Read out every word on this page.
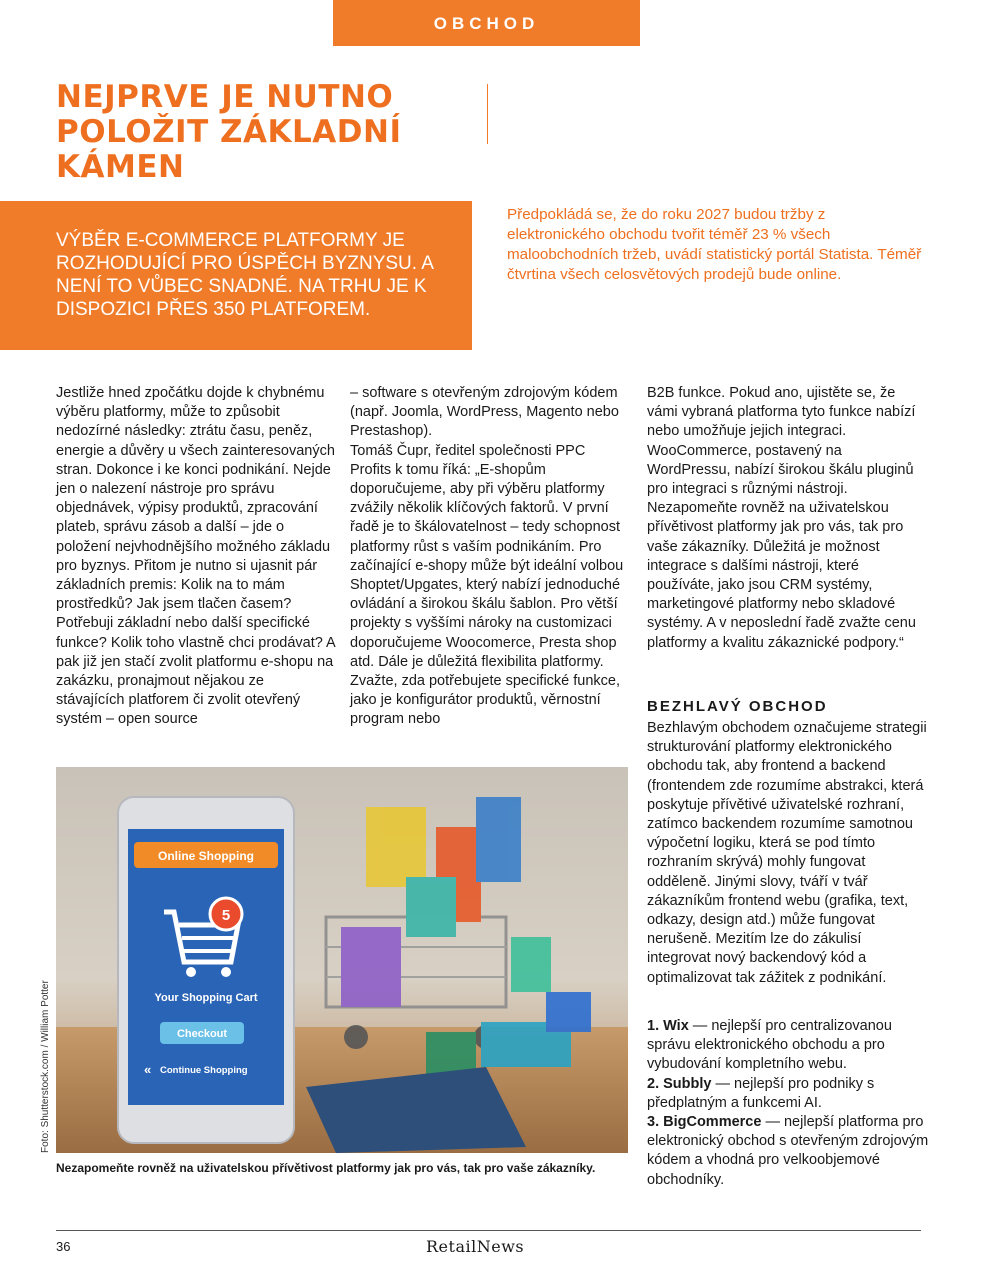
OBCHOD
NEJPRVE JE NUTNO POLOŽIT ZÁKLADNÍ KÁMEN

VÝBĚR E-COMMERCE PLATFORMY JE ROZHODUJÍCÍ PRO ÚSPĚCH BYZNYSU. A NENÍ TO VŮBEC SNADNÉ. NA TRHU JE K DISPOZICI PŘES 350 PLATFOREM.

Předpokládá se, že do roku 2027 budou tržby z elektronického obchodu tvořit téměř 23 % všech maloobchodních tržeb, uvádí statistický portál Statista. Téměř čtvrtina všech celosvětových prodejů bude online.

Jestliže hned zpočátku dojde k chybnému výběru platformy, může to způsobit nedozírné následky: ztrátu času, peněz, energie a důvěry u všech zainteresovaných stran. Dokonce i ke konci podnikání. Nejde jen o nalezení nástroje pro správu objednávek, výpisy produktů, zpracování plateb, správu zásob a další – jde o položení nejvhodnějšího možného základu pro byznys. Přitom je nutno si ujasnit pár základních premis: Kolik na to mám prostředků? Jak jsem tlačen časem? Potřebuji základní nebo další specifické funkce? Kolik toho vlastně chci prodávat? A pak již jen stačí zvolit platformu e-shopu na zakázku, pronajmout nějakou ze stávajících platforem či zvolit otevřený systém – open source

– software s otevřeným zdrojovým kódem (např. Joomla, WordPress, Magento nebo Prestashop).
Tomáš Čupr, ředitel společnosti PPC Profits k tomu říká: „E-shopům doporučujeme, aby při výběru platformy zvážily několik klíčových faktorů. V první řadě je to škálovatelnost – tedy schopnost platformy růst s vaším podnikáním. Pro začínající e-shopy může být ideální volbou Shoptet/Upgates, který nabízí jednoduché ovládání a širokou škálu šablon. Pro větší projekty s vyššími nároky na customizaci doporučujeme Woocomerce, Presta shop atd. Dále je důležitá flexibilita platformy. Zvažte, zda potřebujete specifické funkce, jako je konfigurátor produktů, věrnostní program nebo

B2B funkce. Pokud ano, ujistěte se, že vámi vybraná platforma tyto funkce nabízí nebo umožňuje jejich integraci. WooCommerce, postavený na WordPressu, nabízí širokou škálu pluginů pro integraci s různými nástroji. Nezapomeňte rovněž na uživatelskou přívětivost platformy jak pro vás, tak pro vaše zákazníky. Důležitá je možnost integrace s dalšími nástroji, které používáte, jako jsou CRM systémy, marketingové platformy nebo skladové systémy. A v neposlední řadě zvažte cenu platformy a kvalitu zákaznické podpory.“

BEZHLAVÝ OBCHOD

Bezhlavým obchodem označujeme strategii strukturování platformy elektronického obchodu tak, aby frontend a backend (frontendem zde rozumíme abstrakci, která poskytuje přívětivé uživatelské rozhraní, zatímco backendem rozumíme samotnou výpočetní logiku, která se pod tímto rozhraním skrývá) mohly fungovat odděleně. Jinými slovy, tváří v tvář zákazníkům frontend webu (grafika, text, odkazy, design atd.) může fungovat nerušeně. Mezitím lze do zákulisí integrovat nový backendový kód a optimalizovat tak zážitek z podnikání.

1. Wix — nejlepší pro centralizovanou správu elektronického obchodu a pro vybudování kompletního webu.
2. Subbly — nejlepší pro podniky s předplatným a funkcemi AI.
3. BigCommerce — nejlepší platforma pro elektronický obchod s otevřeným zdrojovým kódem a vhodná pro velkoobjemové obchodníky.
Online Shopping
5
Your Shopping Cart
Checkout
« Continue Shopping
Foto: Shutterstock.com / William Potter

Nezapomeňte rovněž na uživatelskou přívětivost platformy jak pro vás, tak pro vaše zákazníky.

36	RetailNews
